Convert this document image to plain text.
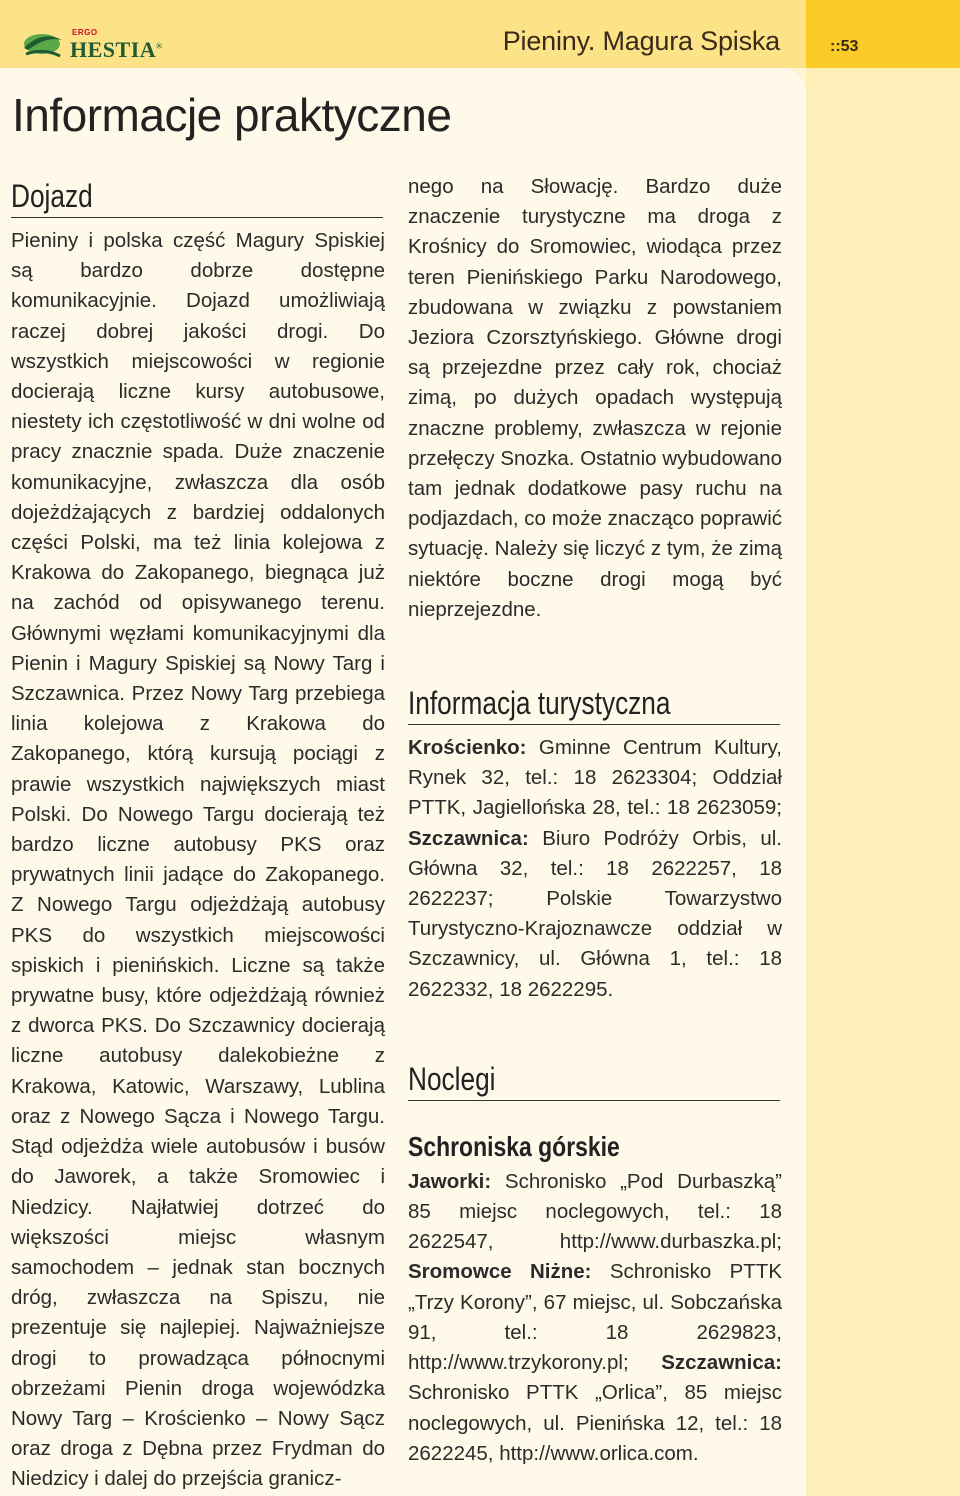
ERGO
HESTIA®	Pieniny. Magura Spiska	::53
Informacje praktyczne
Dojazd

Pieniny i polska część Magury Spiskiej są bardzo dobrze dostępne komunikacyjnie. Dojazd umożliwiają raczej dobrej jakości drogi. Do wszystkich miejscowości w regionie docierają liczne kursy autobusowe, niestety ich częstotliwość w dni wolne od pracy znacznie spada. Duże znaczenie komunikacyjne, zwłaszcza dla osób dojeżdżających z bardziej oddalonych części Polski, ma też linia kolejowa z Krakowa do Zakopanego, biegnąca już na zachód od opisywanego terenu. Głównymi węzłami komunikacyjnymi dla Pienin i Magury Spiskiej są Nowy Targ i Szczawnica. Przez Nowy Targ przebiega linia kolejowa z Krakowa do Zakopanego, którą kursują pociągi z prawie wszystkich największych miast Polski. Do Nowego Targu docierają też bardzo liczne autobusy PKS oraz prywatnych linii jadące do Zakopanego. Z Nowego Targu odjeżdżają autobusy PKS do wszystkich miejscowości spiskich i pienińskich. Liczne są także prywatne busy, które odjeżdżają również z dworca PKS. Do Szczawnicy docierają liczne autobusy dalekobieżne z Krakowa, Katowic, Warszawy, Lublina oraz z Nowego Sącza i Nowego Targu. Stąd odjeżdża wiele autobusów i busów do Jaworek, a także Sromowiec i Niedzicy. Najłatwiej dotrzeć do większości miejsc własnym samochodem – jednak stan bocznych dróg, zwłaszcza na Spiszu, nie prezentuje się najlepiej. Najważniejsze drogi to prowadząca północnymi obrzeżami Pienin droga wojewódzka Nowy Targ – Krościenko – Nowy Sącz oraz droga z Dębna przez Frydman do Niedzicy i dalej do przejścia granicz-

nego na Słowację. Bardzo duże znaczenie turystyczne ma droga z Krośnicy do Sromowiec, wiodąca przez teren Pienińskiego Parku Narodowego, zbudowana w związku z powstaniem Jeziora Czorsztyńskiego. Główne drogi są przejezdne przez cały rok, chociaż zimą, po dużych opadach występują znaczne problemy, zwłaszcza w rejonie przełęczy Snozka. Ostatnio wybudowano tam jednak dodatkowe pasy ruchu na podjazdach, co może znacząco poprawić sytuację. Należy się liczyć z tym, że zimą niektóre boczne drogi mogą być nieprzejezdne.

Informacja turystyczna

Krościenko: Gminne Centrum Kultury, Rynek 32, tel.: 18 2623304; Oddział PTTK, Jagiellońska 28, tel.: 18 2623059; Szczawnica: Biuro Podróży Orbis, ul. Główna 32, tel.: 18 2622257, 18 2622237; Polskie Towarzystwo Turystyczno-Krajoznawcze oddział w Szczawnicy, ul. Główna 1, tel.: 18 2622332, 18 2622295.

Noclegi
Schroniska górskie

Jaworki: Schronisko „Pod Durbaszką” 85 miejsc noclegowych, tel.: 18 2622547, http://www.durbaszka.pl; Sromowce Niżne: Schronisko PTTK „Trzy Korony”, 67 miejsc, ul. Sobczańska 91, tel.: 18 2629823, http://www.trzykorony.pl; Szczawnica: Schronisko PTTK „Orlica”, 85 miejsc noclegowych, ul. Pienińska 12, tel.: 18 2622245, http://www.orlica.com.
